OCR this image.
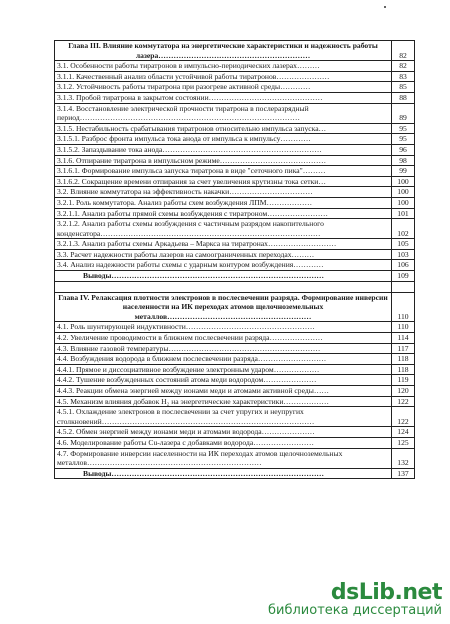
Глава III. Влияние коммутатора на энергетические характеристики и надежность работы лазера……………………………………………………	82
3.1. Особенности работы тиратронов в импульсно-периодических лазерах………	82
3.1.1. Качественный анализ области устойчивой работы тиратронов…………………	83
3.1.2. Устойчивость работы тиратрона при разогреве активной среды…………	85
3.1.3. Пробой тиратрона в закрытом состоянии………………………………………	88
3.1.4. Восстановление электрической прочности тиратрона в послеразрядный период……………………………………………………………………………	89
3.1.5. Нестабильность срабатывания тиратронов относительно импульса запуска…	95
3.1.5.1. Разброс фронта импульса тока анода от импульса к импульсу…………	95
3.1.5.2. Запаздывание тока анода………………………………………………………	96
3.1.6. Отпирание тиратрона в импульсном режиме……………………………………	98
3.1.6.1. Формирование импульса запуска тиратрона в виде "сеточного пика"………	99
3.1.6.2. Сокращение времени отпирания за счет увеличения крутизны тока сетки…	100
3.2. Влияние коммутатора на эффективность накачки……………………………	100
3.2.1. Роль коммутатора. Анализ работы схем возбуждения ЛПМ………………	100
3.2.1.1. Анализ работы прямой схемы возбуждения с тиратроном……………………	101
3.2.1.2. Анализ работы схемы возбуждения с частичным разрядом накопительного конденсатора……………………………………………………………………………	102
3.2.1.3. Анализ работы схемы Аркадьева – Маркса на тиратронах………………………	105
3.3. Расчет надежности работы лазеров на самоограниченных переходах………	103
3.4. Анализ надежности работы схемы с ударным контуром возбуждения…………	106
Выводы…………………………………………………………………………	109

Глава IV. Релаксация плотности электронов в послесвечении разряда. Формирование инверсии населенности на ИК переходах атомов щелочноземельных металлов…………………………………………………	110
4.1. Роль шунтирующей индуктивности……………………………………………	110
4.2. Увеличение проводимости в ближнем послесвечении разряда…………………	114
4.3. Влияние газовой температуры……………………………………………………	117
4.4. Возбуждения водорода в ближнем послесвечении разряда………………………	118
4.4.1. Прямое и диссоциативное возбуждение электронным ударом………………	118
4.4.2. Тушение возбужденных состояний атома меди водородом…………………	119
4.4.3. Реакции обмена энергией между ионами меди и атомами активной среды……	120
4.5. Механизм влияния добавок H₂ на энергетические характеристики………………	122
4.5.1. Охлаждение электронов в послесвечении за счет упругих и неупругих столкновений…………………………………………………………………………	122
4.5.2. Обмен энергией между ионами меди и атомами водорода…………………	124
4.6. Моделирование работы Cu-лазера с добавками водорода……………………	125
4.7. Формирование инверсии населенности на ИК переходах атомов щелочноземельных металлов……………………………………………………………	132
Выводы…………………………………………………………………………	137
dsLib.net
библиотека диссертаций
